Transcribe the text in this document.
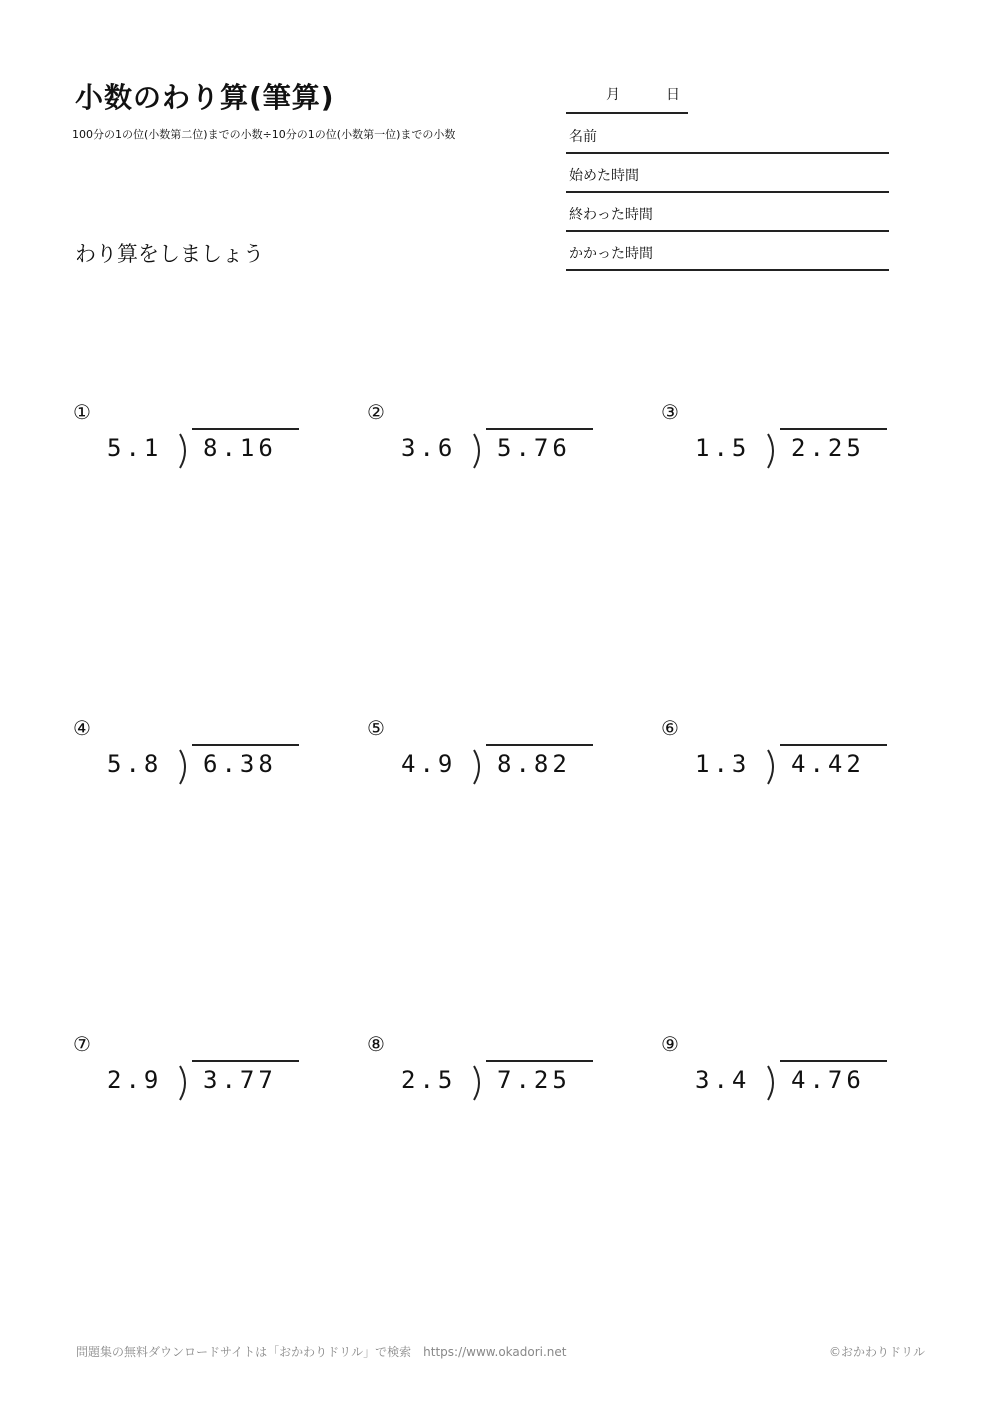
小数のわり算(筆算)
100分の1の位(小数第二位)までの小数÷10分の1の位(小数第一位)までの小数
わり算をしましょう
月	日
名前
始めた時間
終わった時間
かかった時間
①
5.1 8.16
②
3.6 5.76
③
1.5 2.25
④
5.8 6.38
⑤
4.9 8.82
⑥
1.3 4.42
⑦
2.9 3.77
⑧
2.5 7.25
⑨
3.4 4.76
問題集の無料ダウンロードサイトは「おかわりドリル」で検索　https://www.okadori.net	©おかわりドリル
